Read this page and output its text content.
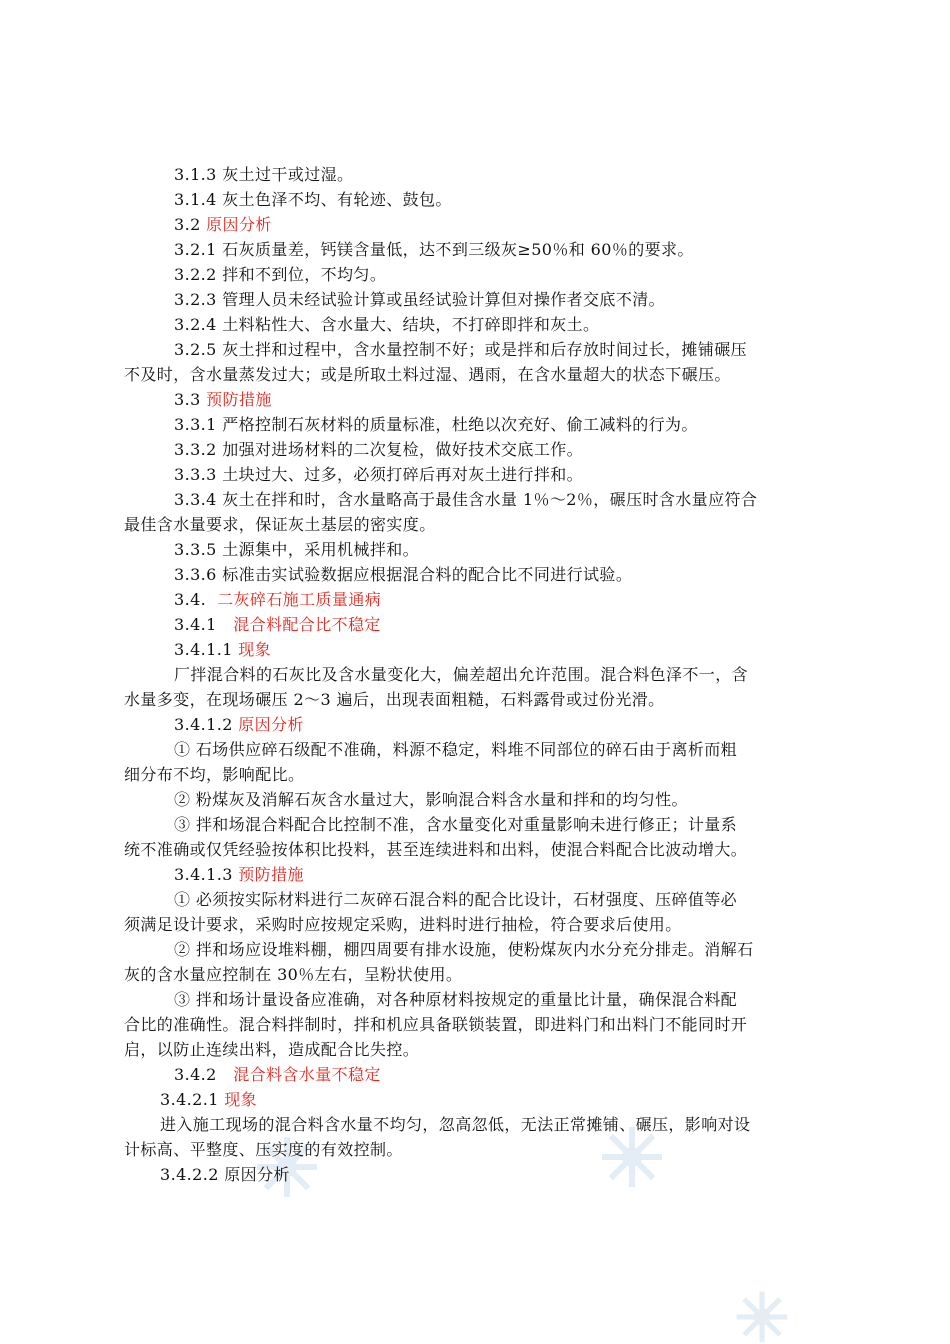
3.1.3 灰土过干或过湿。
3.1.4 灰土色泽不均、有轮迹、鼓包。
3.2 原因分析
3.2.1 石灰质量差，钙镁含量低，达不到三级灰≥50％和 60％的要求。
3.2.2 拌和不到位，不均匀。
3.2.3 管理人员未经试验计算或虽经试验计算但对操作者交底不清。
3.2.4 土料粘性大、含水量大、结块，不打碎即拌和灰土。
3.2.5 灰土拌和过程中，含水量控制不好；或是拌和后存放时间过长，摊铺碾压
不及时，含水量蒸发过大；或是所取土料过湿、遇雨，在含水量超大的状态下碾压。
3.3 预防措施
3.3.1 严格控制石灰材料的质量标准，杜绝以次充好、偷工减料的行为。
3.3.2 加强对进场材料的二次复检，做好技术交底工作。
3.3.3 土块过大、过多，必须打碎后再对灰土进行拌和。
3.3.4 灰土在拌和时，含水量略高于最佳含水量 1％～2％，碾压时含水量应符合
最佳含水量要求，保证灰土基层的密实度。
3.3.5 土源集中，采用机械拌和。
3.3.6 标准击实试验数据应根据混合料的配合比不同进行试验。
3.4. 二灰碎石施工质量通病
3.4.1 混合料配合比不稳定
3.4.1.1 现象
厂拌混合料的石灰比及含水量变化大，偏差超出允许范围。混合料色泽不一，含
水量多变，在现场碾压 2～3 遍后，出现表面粗糙，石料露骨或过份光滑。
3.4.1.2 原因分析
① 石场供应碎石级配不准确，料源不稳定，料堆不同部位的碎石由于离析而粗
细分布不均，影响配比。
② 粉煤灰及消解石灰含水量过大，影响混合料含水量和拌和的均匀性。
③ 拌和场混合料配合比控制不准，含水量变化对重量影响未进行修正；计量系
统不准确或仅凭经验按体积比投料，甚至连续进料和出料，使混合料配合比波动增大。
3.4.1.3 预防措施
① 必须按实际材料进行二灰碎石混合料的配合比设计，石材强度、压碎值等必
须满足设计要求，采购时应按规定采购，进料时进行抽检，符合要求后使用。
② 拌和场应设堆料棚，棚四周要有排水设施，使粉煤灰内水分充分排走。消解石
灰的含水量应控制在 30％左右，呈粉状使用。
③ 拌和场计量设备应准确，对各种原材料按规定的重量比计量，确保混合料配
合比的准确性。混合料拌制时，拌和机应具备联锁装置，即进料门和出料门不能同时开
启，以防止连续出料，造成配合比失控。
3.4.2 混合料含水量不稳定
3.4.2.1 现象
进入施工现场的混合料含水量不均匀，忽高忽低，无法正常摊铺、碾压，影响对设
计标高、平整度、压实度的有效控制。
3.4.2.2 原因分析
